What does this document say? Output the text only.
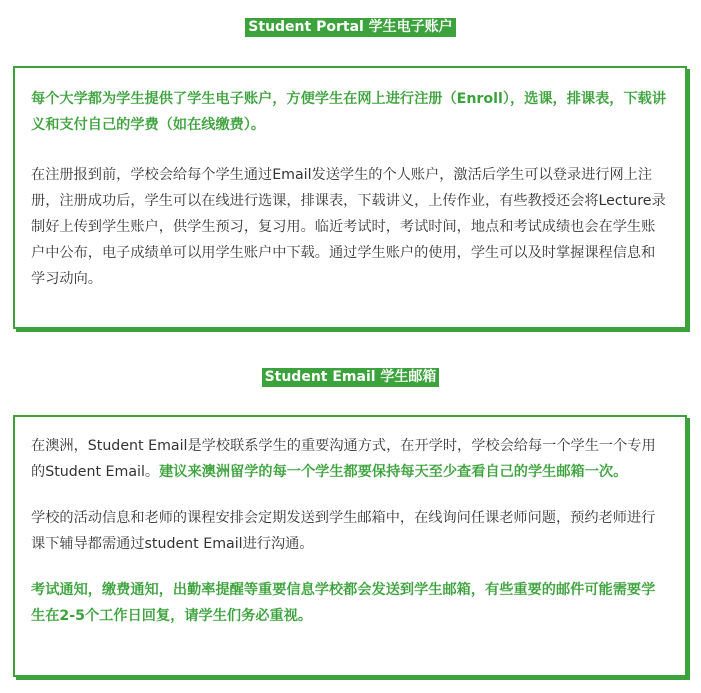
Student Portal 学生电子账户

每个大学都为学生提供了学生电子账户，方便学生在网上进行注册（Enroll），选课，排课表，下载讲义和支付自己的学费（如在线缴费）。

在注册报到前，学校会给每个学生通过Email发送学生的个人账户，激活后学生可以登录进行网上注册，注册成功后，学生可以在线进行选课，排课表，下载讲义，上传作业，有些教授还会将Lecture录制好上传到学生账户，供学生预习，复习用。临近考试时，考试时间，地点和考试成绩也会在学生账户中公布，电子成绩单可以用学生账户中下载。通过学生账户的使用，学生可以及时掌握课程信息和学习动向。

Student Email 学生邮箱

在澳洲，Student Email是学校联系学生的重要沟通方式，在开学时，学校会给每一个学生一个专用的Student Email。建议来澳洲留学的每一个学生都要保持每天至少查看自己的学生邮箱一次。

学校的活动信息和老师的课程安排会定期发送到学生邮箱中，在线询问任课老师问题，预约老师进行课下辅导都需通过student Email进行沟通。

考试通知，缴费通知，出勤率提醒等重要信息学校都会发送到学生邮箱，有些重要的邮件可能需要学生在2-5个工作日回复，请学生们务必重视。
